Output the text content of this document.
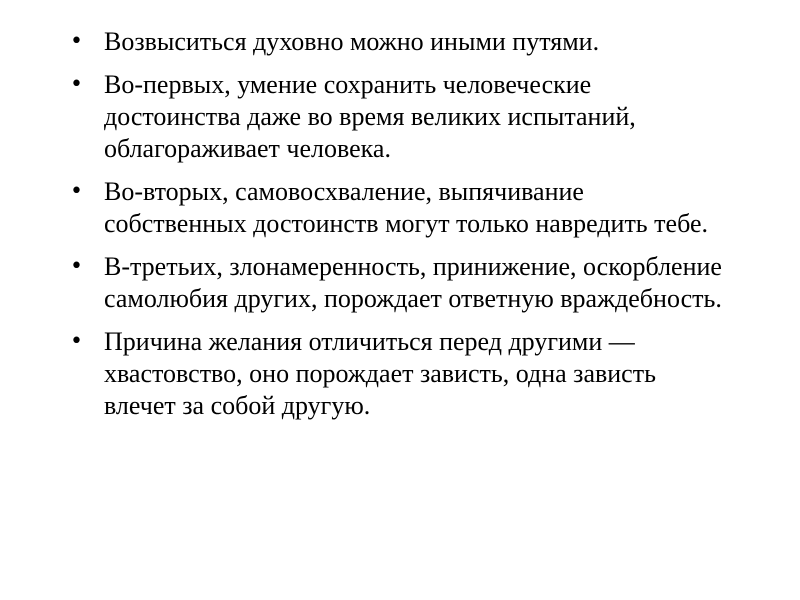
• Возвыситься духовно можно иными путями.
• Во-первых, умение сохранить человеческие достоинства даже во время великих испытаний, облагораживает человека.
• Во-вторых, самовосхваление, выпячивание собственных достоинств могут только навредить тебе.
• В-третьих, злонамеренность, принижение, оскорбление самолюбия других, порождает ответную враждебность.
• Причина желания отличиться перед другими — хвастовство, оно порождает зависть, одна зависть влечет за собой другую.
